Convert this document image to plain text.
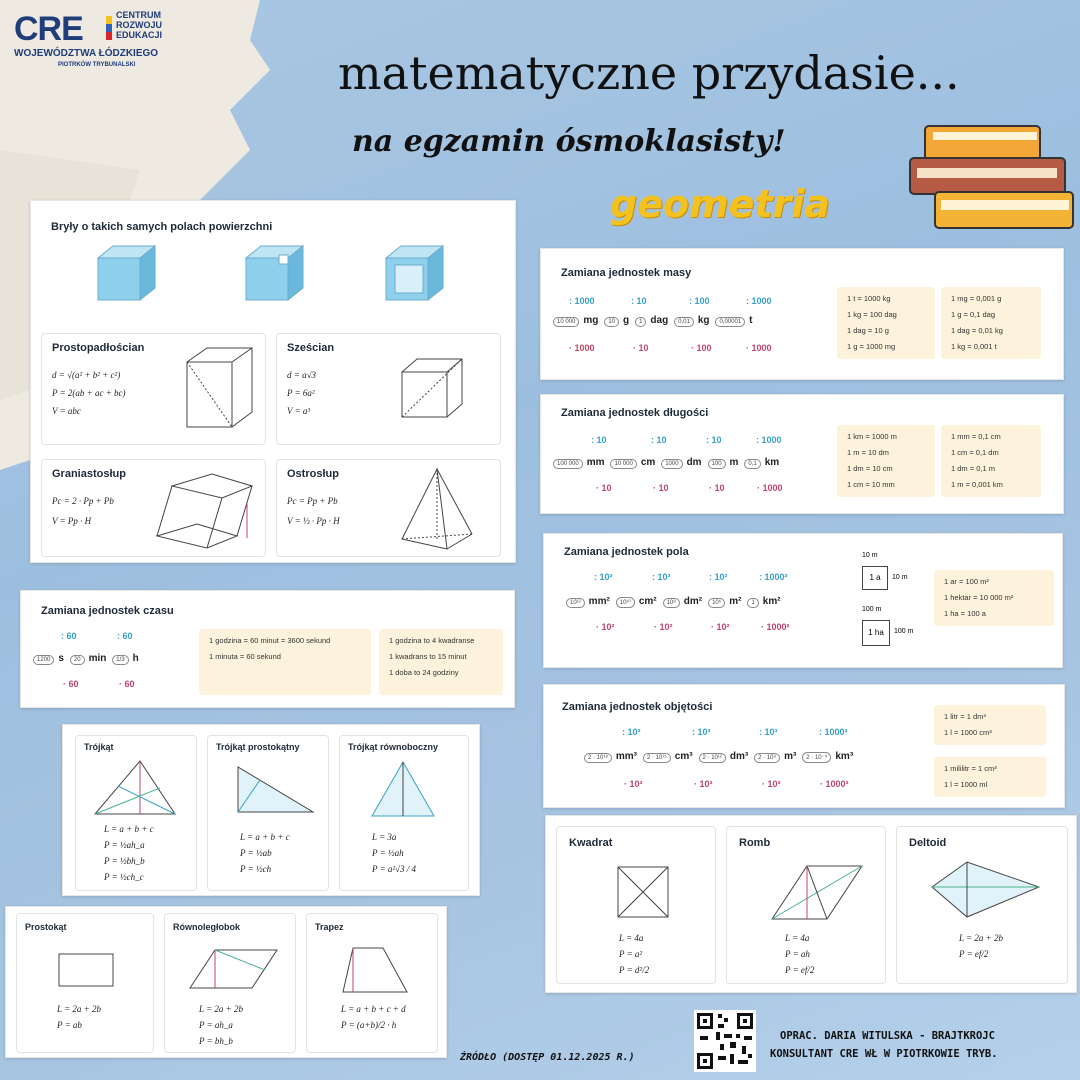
CRE	CENTRUM
ROZWOJU
EDUKACJI
WOJEWÓDZTWA ŁÓDZKIEGO
PIOTRKÓW TRYBUNALSKI	matematyczne przydasie...
na egzamin ósmoklasisty!
geometria
Bryły o takich samych polach powierzchni
Prostopadłościan
d = √(a² + b² + c²)
P = 2(ab + ac + bc)
V = abc
Sześcian
d = a√3
P = 6a²
V = a³
Graniastosłup
Pc = 2 · Pp + Pb
V = Pp · H
Ostrosłup
Pc = Pp + Pb
V = ⅓ · Pp · H
Zamiana jednostek masy
: 1000	: 10	: 100	: 1000
10 000 mg 10 g 1 dag 0,01 kg 0,00001 t
· 1000	· 10	· 100	· 1000
1 t = 1000 kg
1 kg = 100 dag
1 dag = 10 g
1 g = 1000 mg
1 mg = 0,001 g
1 g = 0,1 dag
1 dag = 0,01 kg
1 kg = 0,001 t
Zamiana jednostek długości
: 10	: 10	: 10	: 1000
100 000 mm 10 000 cm 1000 dm 100 m 0,1 km
· 10	· 10	· 10	· 1000
1 km = 1000 m
1 m = 10 dm
1 dm = 10 cm
1 cm = 10 mm
1 mm = 0,1 cm
1 cm = 0,1 dm
1 dm = 0,1 m
1 m = 0,001 km
Zamiana jednostek pola
: 10²	: 10²	: 10²	: 1000²
10¹² mm² 10¹⁰ cm² 10⁸ dm² 10⁶ m² 1 km²
· 10²	· 10²	· 10²	· 1000²
10 m
1 a	10 m
100 m
1 ha	100 m
1 ar = 100 m²
1 hektar = 10 000 m²
1 ha = 100 a
Zamiana jednostek objętości
: 10³	: 10³	: 10³	: 1000³
2 · 10¹⁸ mm³ 2 · 10¹⁵ cm³ 2 · 10¹² dm³ 2 · 10⁹ m³ 2 · 10⁻⁹ km³
· 10³	· 10³	· 10³	· 1000³
1 litr = 1 dm³
1 l = 1000 cm³
1 mililitr = 1 cm³
1 l = 1000 ml
Zamiana jednostek czasu
: 60	: 60
1200 s 20 min 1/3 h
· 60	· 60
1 godzina = 60 minut = 3600 sekund
1 minuta = 60 sekund
1 godzina to 4 kwadranse
1 kwadrans to 15 minut
1 doba to 24 godziny
Trójkąt
L = a + b + c
P = ½ah_a
P = ½bh_b
P = ½ch_c
Trójkąt prostokątny
L = a + b + c
P = ½ab
P = ½ch
Trójkąt równoboczny
L = 3a
P = ½ah
P = a²√3 / 4
Kwadrat
L = 4a
P = a²
P = d²/2
Romb
L = 4a
P = ah
P = ef/2
Deltoid
L = 2a + 2b
P = ef/2
Prostokąt
L = 2a + 2b
P = ab
Równoległobok
L = 2a + 2b
P = ah_a
P = bh_b
Trapez
L = a + b + c + d
P = (a+b)/2 · h
ŹRÓDŁO (DOSTĘP 01.12.2025 R.)
OPRAC. DARIA WITULSKA - BRAJTKROJC
KONSULTANT CRE WŁ W PIOTRKOWIE TRYB.
